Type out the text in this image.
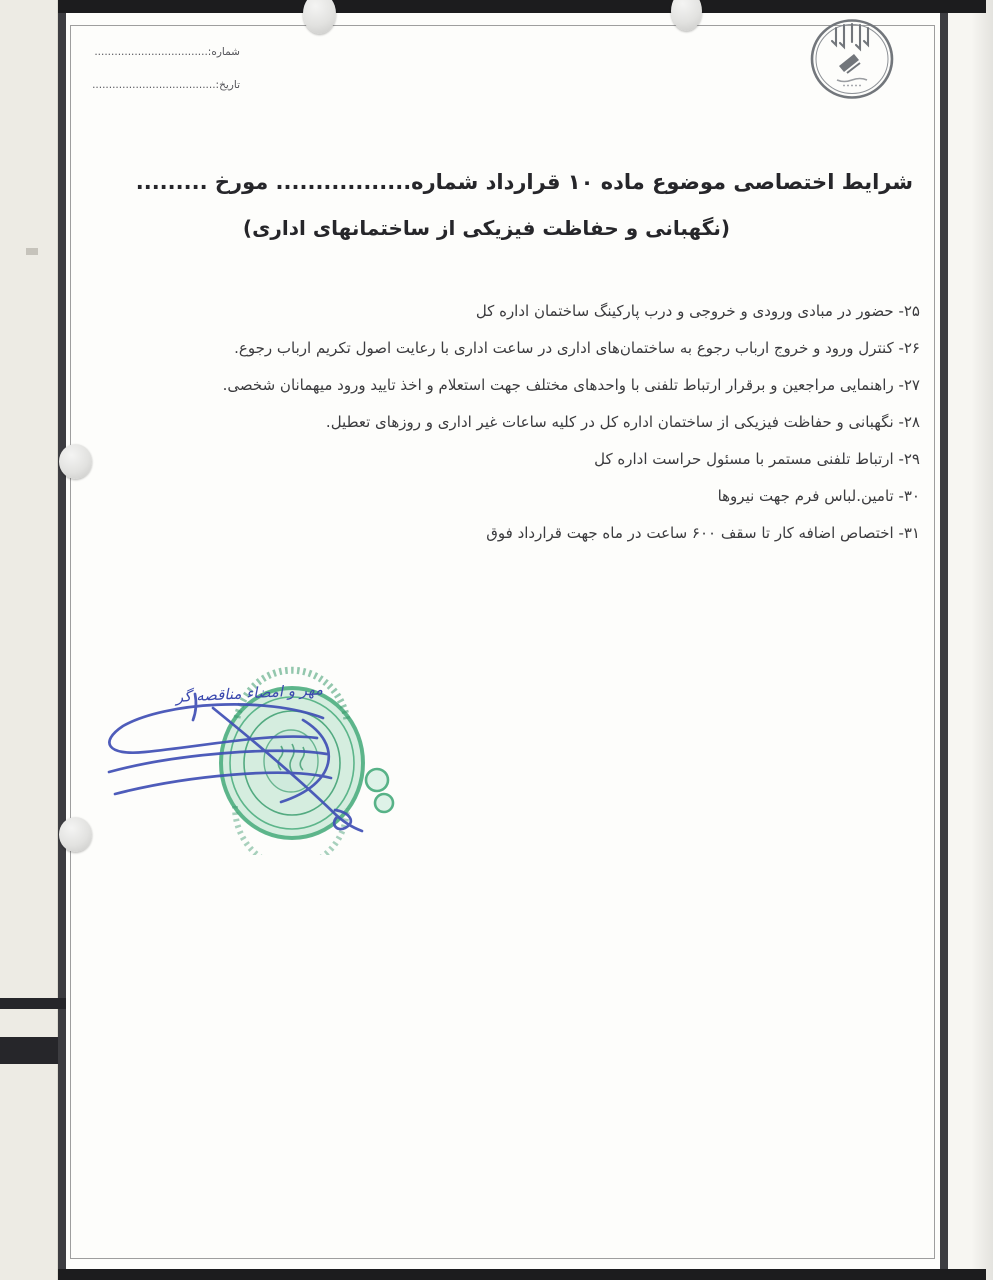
شماره:..................................
تاریخ:.....................................
شرایط اختصاصی موضوع ماده ۱۰ قرارداد شماره................. مورخ .........
(نگهبانی و حفاظت فیزیکی از ساختمانهای اداری)
۲۵- حضور در مبادی ورودی و خروجی و درب پارکینگ ساختمان اداره کل
۲۶- کنترل ورود و خروج ارباب رجوع به ساختمان‌های اداری در ساعت اداری با رعایت اصول تکریم ارباب رجوع.
۲۷- راهنمایی مراجعین و برقرار ارتباط تلفنی با واحدهای مختلف جهت استعلام و اخذ تایید ورود میهمانان شخصی.
۲۸- نگهبانی و حفاظت فیزیکی از ساختمان اداره کل در کلیه ساعات غیر اداری و روزهای تعطیل.
۲۹- ارتباط تلفنی مستمر با مسئول حراست اداره کل
۳۰- تامین.لباس فرم جهت نیروها
۳۱- اختصاص اضافه کار تا سقف ۶۰۰ ساعت در ماه جهت قرارداد فوق
مهر و امضاء مناقصه گر
